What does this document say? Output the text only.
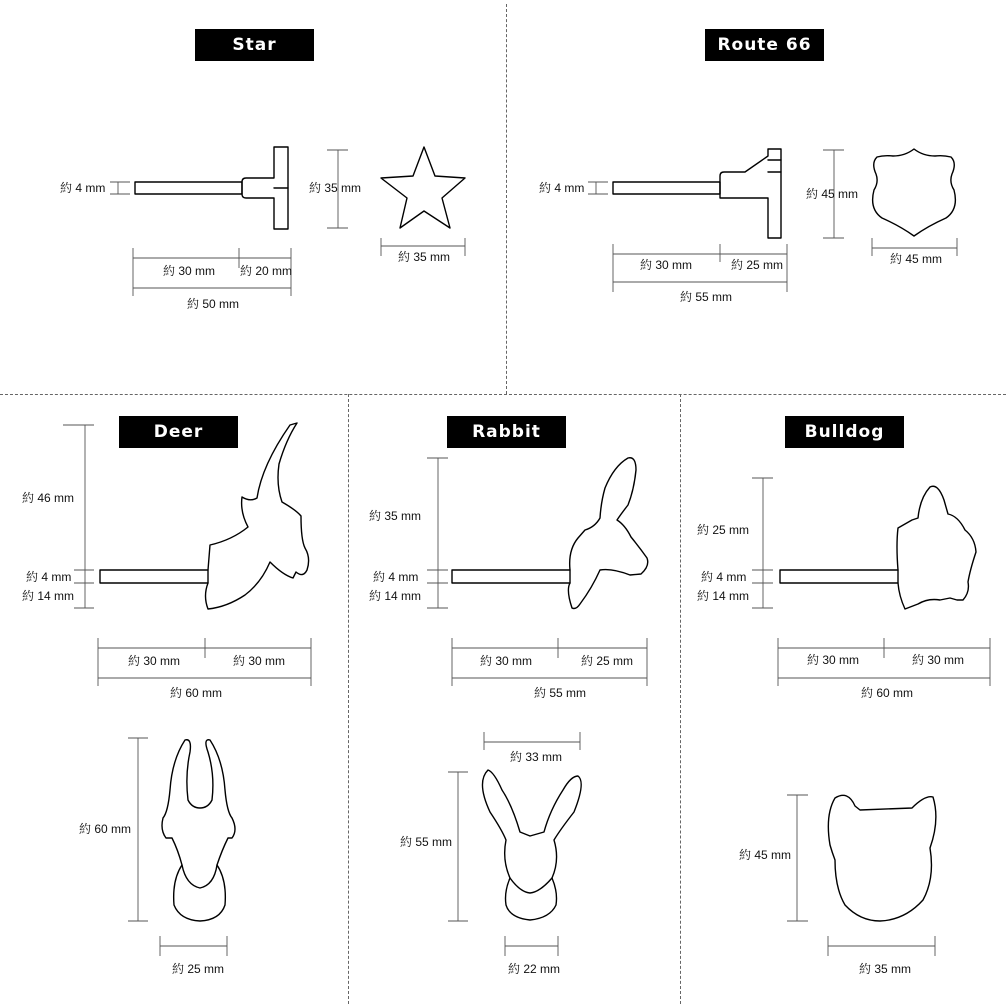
Star	Route 66
Deer	Rabbit	Bulldog
約 4 mm
約 30 mm 約 20 mm
約 50 mm
約 35 mm
約 35 mm
約 4 mm
約 30 mm	約 25 mm
約 55 mm
約 45 mm
約 45 mm
約 46 mm
約 4 mm
約 14 mm
約 30 mm	約 30 mm
約 60 mm
約 60 mm
約 25 mm
約 35 mm
約 4 mm
約 14 mm
約 30 mm	約 25 mm
約 55 mm
約 33 mm
約 55 mm
約 22 mm
約 25 mm
約 4 mm
約 14 mm
約 30 mm	約 30 mm
約 60 mm
約 45 mm
約 35 mm
